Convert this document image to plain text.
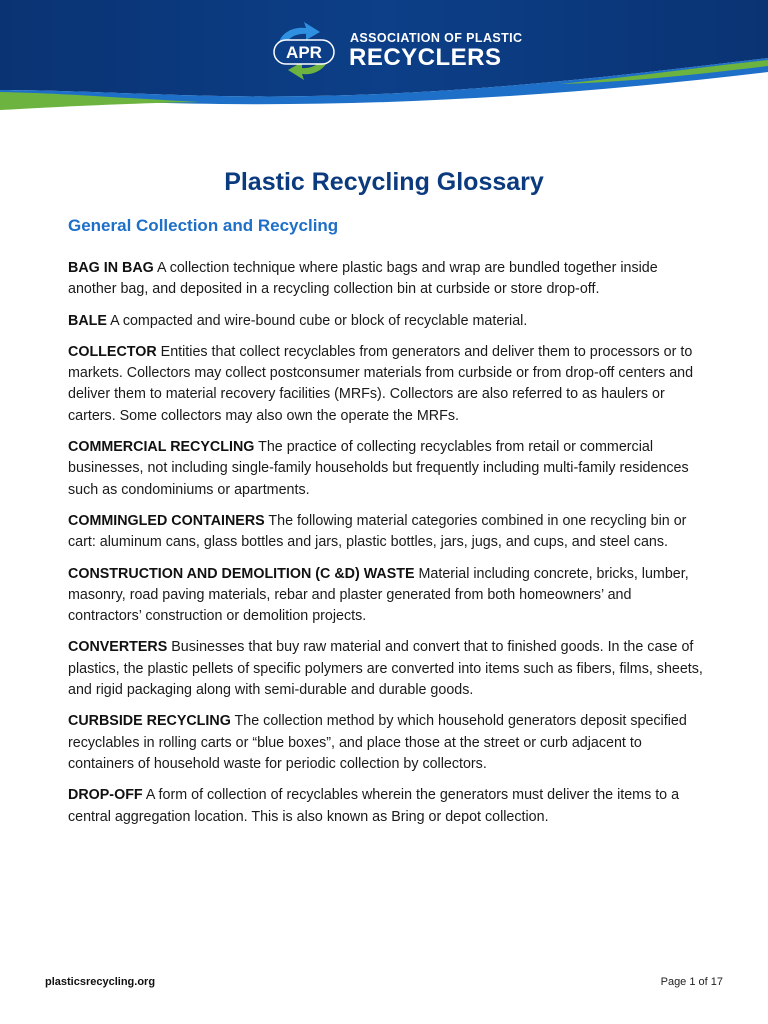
APR
ASSOCIATION OF PLASTIC
RECYCLERS
Plastic Recycling Glossary
General Collection and Recycling

BAG IN BAG A collection technique where plastic bags and wrap are bundled together inside another bag, and deposited in a recycling collection bin at curbside or store drop-off.

BALE A compacted and wire-bound cube or block of recyclable material.

COLLECTOR Entities that collect recyclables from generators and deliver them to processors or to markets. Collectors may collect postconsumer materials from curbside or from drop-off centers and deliver them to material recovery facilities (MRFs). Collectors are also referred to as haulers or carters. Some collectors may also own the operate the MRFs.

COMMERCIAL RECYCLING The practice of collecting recyclables from retail or commercial businesses, not including single-family households but frequently including multi-family residences such as condominiums or apartments.

COMMINGLED CONTAINERS The following material categories combined in one recycling bin or cart: aluminum cans, glass bottles and jars, plastic bottles, jars, jugs, and cups, and steel cans.

CONSTRUCTION AND DEMOLITION (C &D) WASTE Material including concrete, bricks, lumber, masonry, road paving materials, rebar and plaster generated from both homeowners’ and contractors’ construction or demolition projects.

CONVERTERS Businesses that buy raw material and convert that to finished goods. In the case of plastics, the plastic pellets of specific polymers are converted into items such as fibers, films, sheets, and rigid packaging along with semi-durable and durable goods.

CURBSIDE RECYCLING The collection method by which household generators deposit specified recyclables in rolling carts or “blue boxes”, and place those at the street or curb adjacent to containers of household waste for periodic collection by collectors.

DROP-OFF A form of collection of recyclables wherein the generators must deliver the items to a central aggregation location. This is also known as Bring or depot collection.

plasticsrecycling.org	Page 1 of 17
